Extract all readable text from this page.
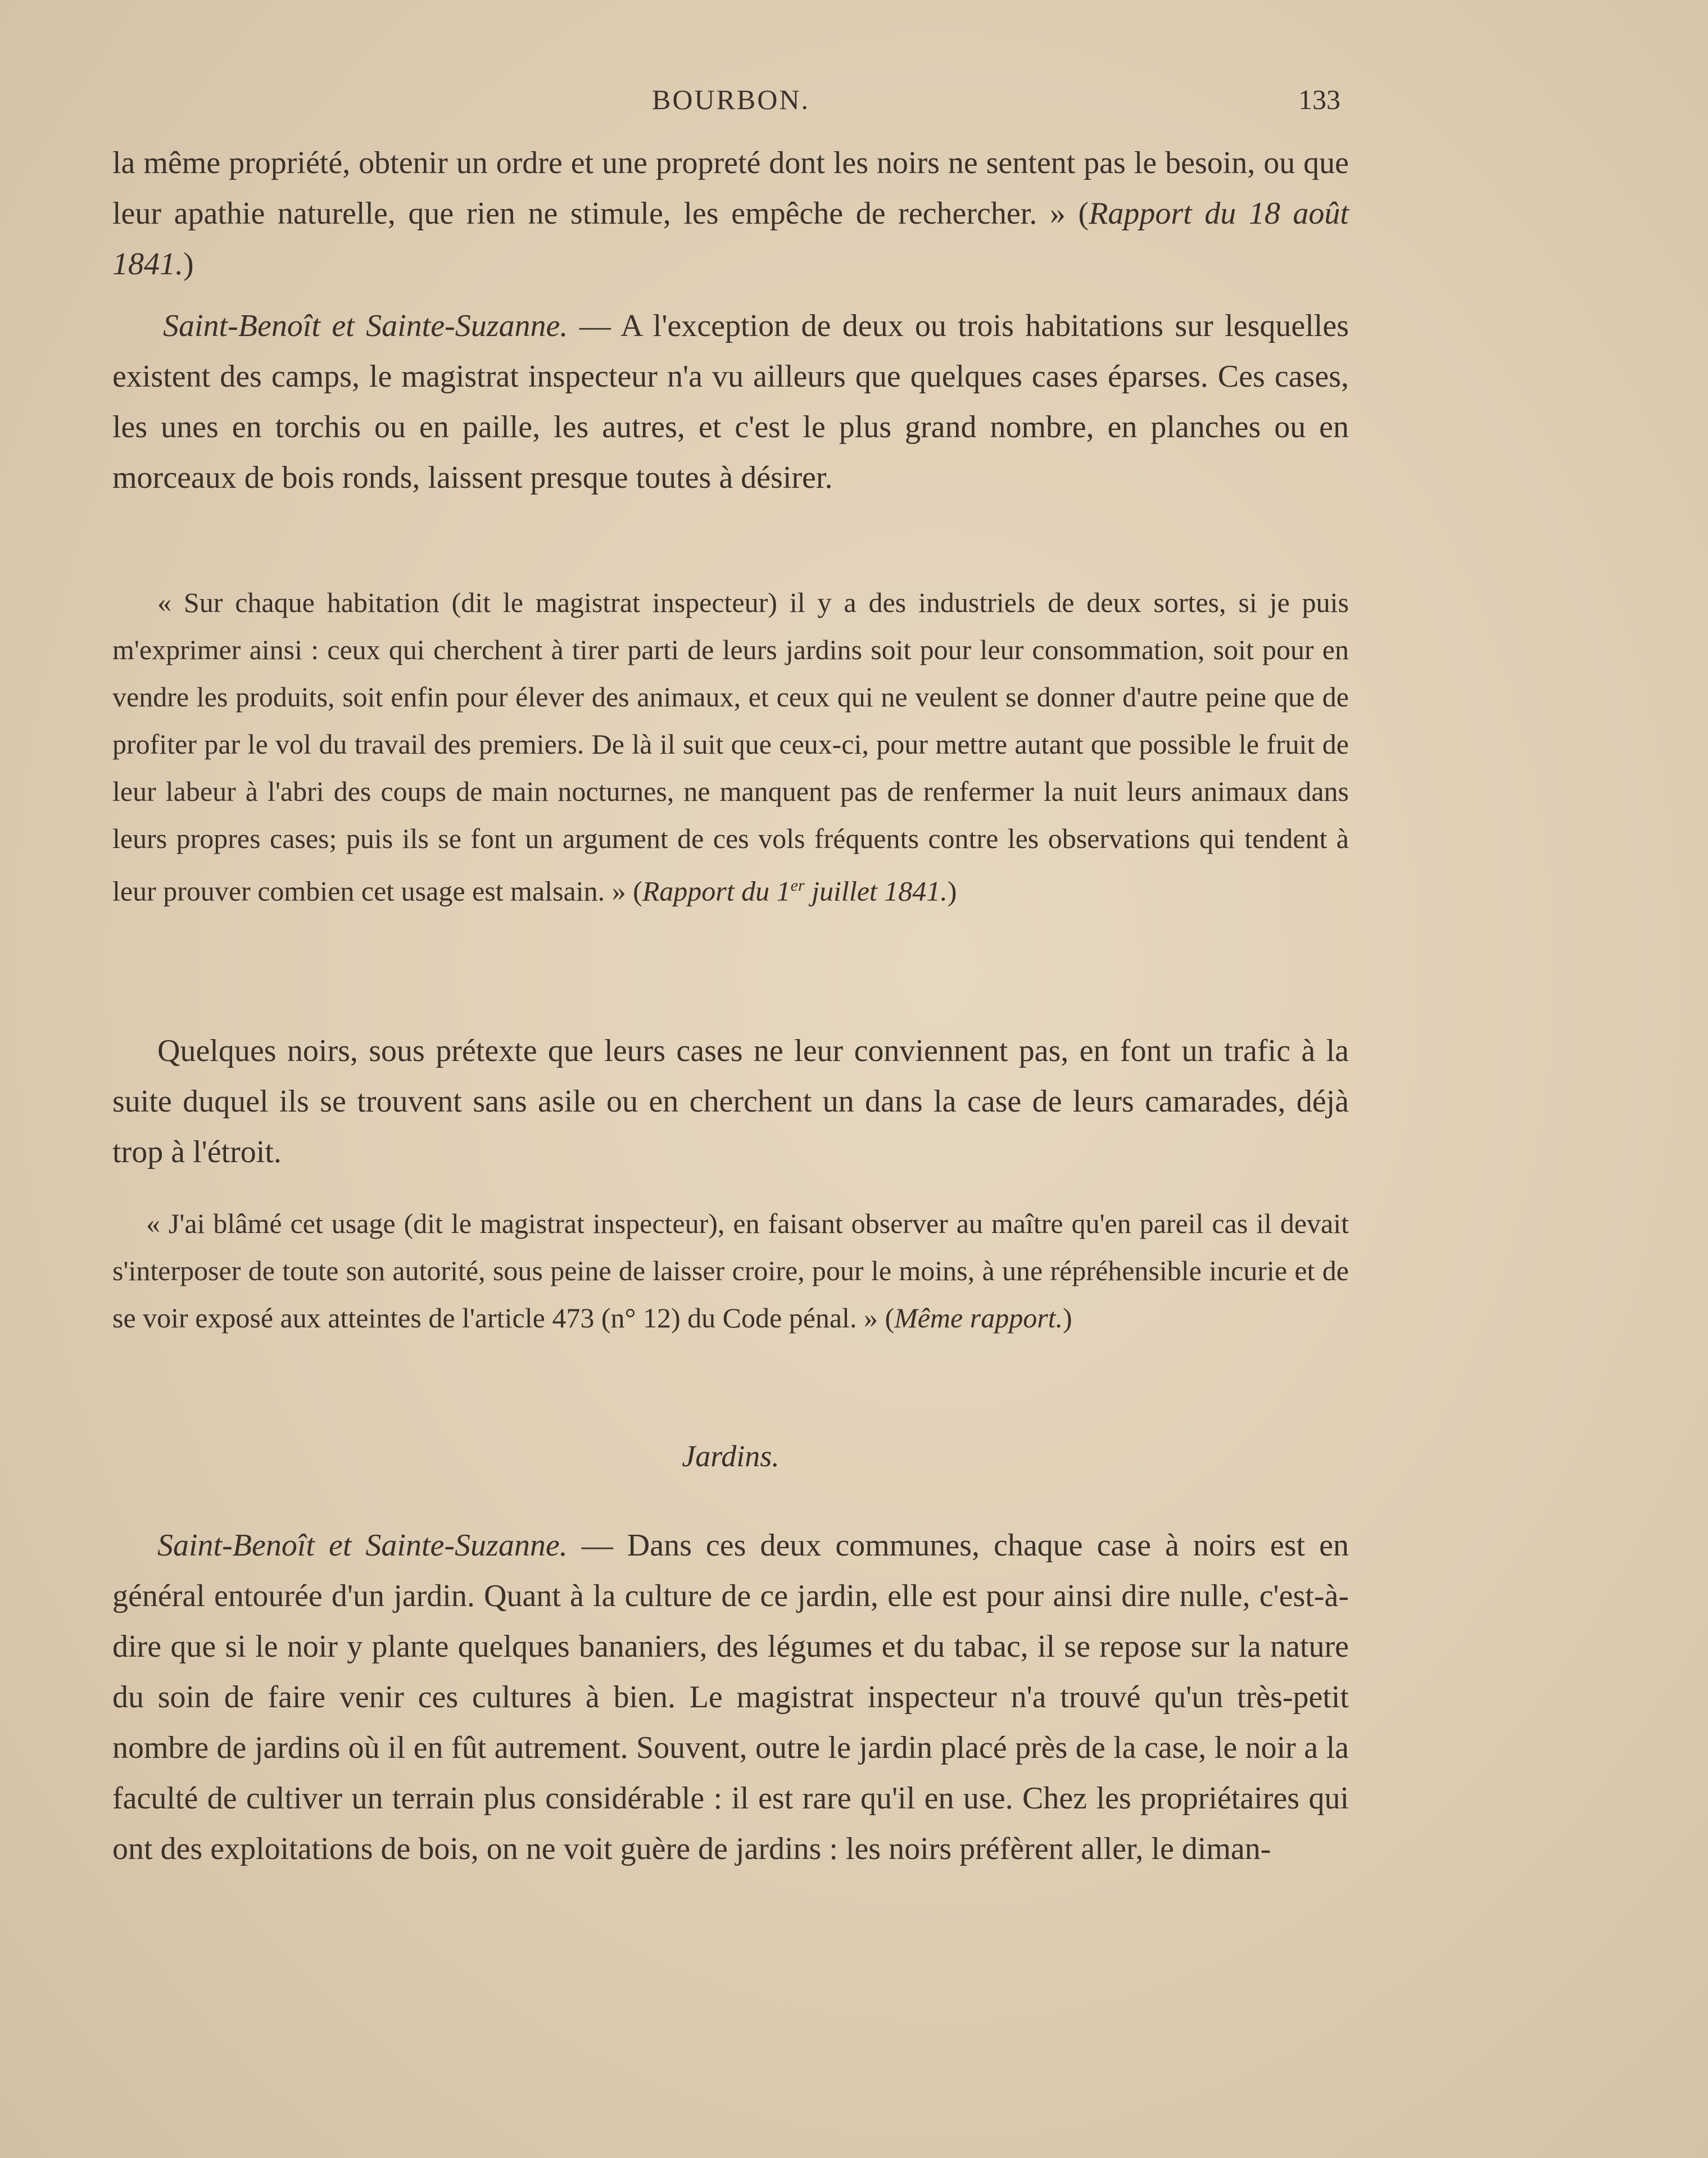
BOURBON.	133

la même propriété, obtenir un ordre et une propreté dont les noirs ne sentent pas le besoin, ou que leur apathie naturelle, que rien ne stimule, les empêche de rechercher. » (Rapport du 18 août 1841.)

Saint-Benoît et Sainte-Suzanne. — A l'exception de deux ou trois habitations sur lesquelles existent des camps, le magistrat inspecteur n'a vu ailleurs que quelques cases éparses. Ces cases, les unes en torchis ou en paille, les autres, et c'est le plus grand nombre, en planches ou en morceaux de bois ronds, laissent presque toutes à désirer.

« Sur chaque habitation (dit le magistrat inspecteur) il y a des industriels de deux sortes, si je puis m'exprimer ainsi : ceux qui cherchent à tirer parti de leurs jardins soit pour leur consommation, soit pour en vendre les produits, soit enfin pour élever des animaux, et ceux qui ne veulent se donner d'autre peine que de profiter par le vol du travail des premiers. De là il suit que ceux-ci, pour mettre autant que possible le fruit de leur labeur à l'abri des coups de main nocturnes, ne manquent pas de renfermer la nuit leurs animaux dans leurs propres cases; puis ils se font un argument de ces vols fréquents contre les observations qui tendent à leur prouver combien cet usage est malsain. » (Rapport du 1er juillet 1841.)

Quelques noirs, sous prétexte que leurs cases ne leur conviennent pas, en font un trafic à la suite duquel ils se trouvent sans asile ou en cherchent un dans la case de leurs camarades, déjà trop à l'étroit.

« J'ai blâmé cet usage (dit le magistrat inspecteur), en faisant observer au maître qu'en pareil cas il devait s'interposer de toute son autorité, sous peine de laisser croire, pour le moins, à une répréhensible incurie et de se voir exposé aux atteintes de l'article 473 (n° 12) du Code pénal. » (Même rapport.)

Jardins.

Saint-Benoît et Sainte-Suzanne. — Dans ces deux communes, chaque case à noirs est en général entourée d'un jardin. Quant à la culture de ce jardin, elle est pour ainsi dire nulle, c'est-à-dire que si le noir y plante quelques bananiers, des légumes et du tabac, il se repose sur la nature du soin de faire venir ces cultures à bien. Le magistrat inspecteur n'a trouvé qu'un très-petit nombre de jardins où il en fût autrement. Souvent, outre le jardin placé près de la case, le noir a la faculté de cultiver un terrain plus considérable : il est rare qu'il en use. Chez les propriétaires qui ont des exploitations de bois, on ne voit guère de jardins : les noirs préfèrent aller, le diman-
